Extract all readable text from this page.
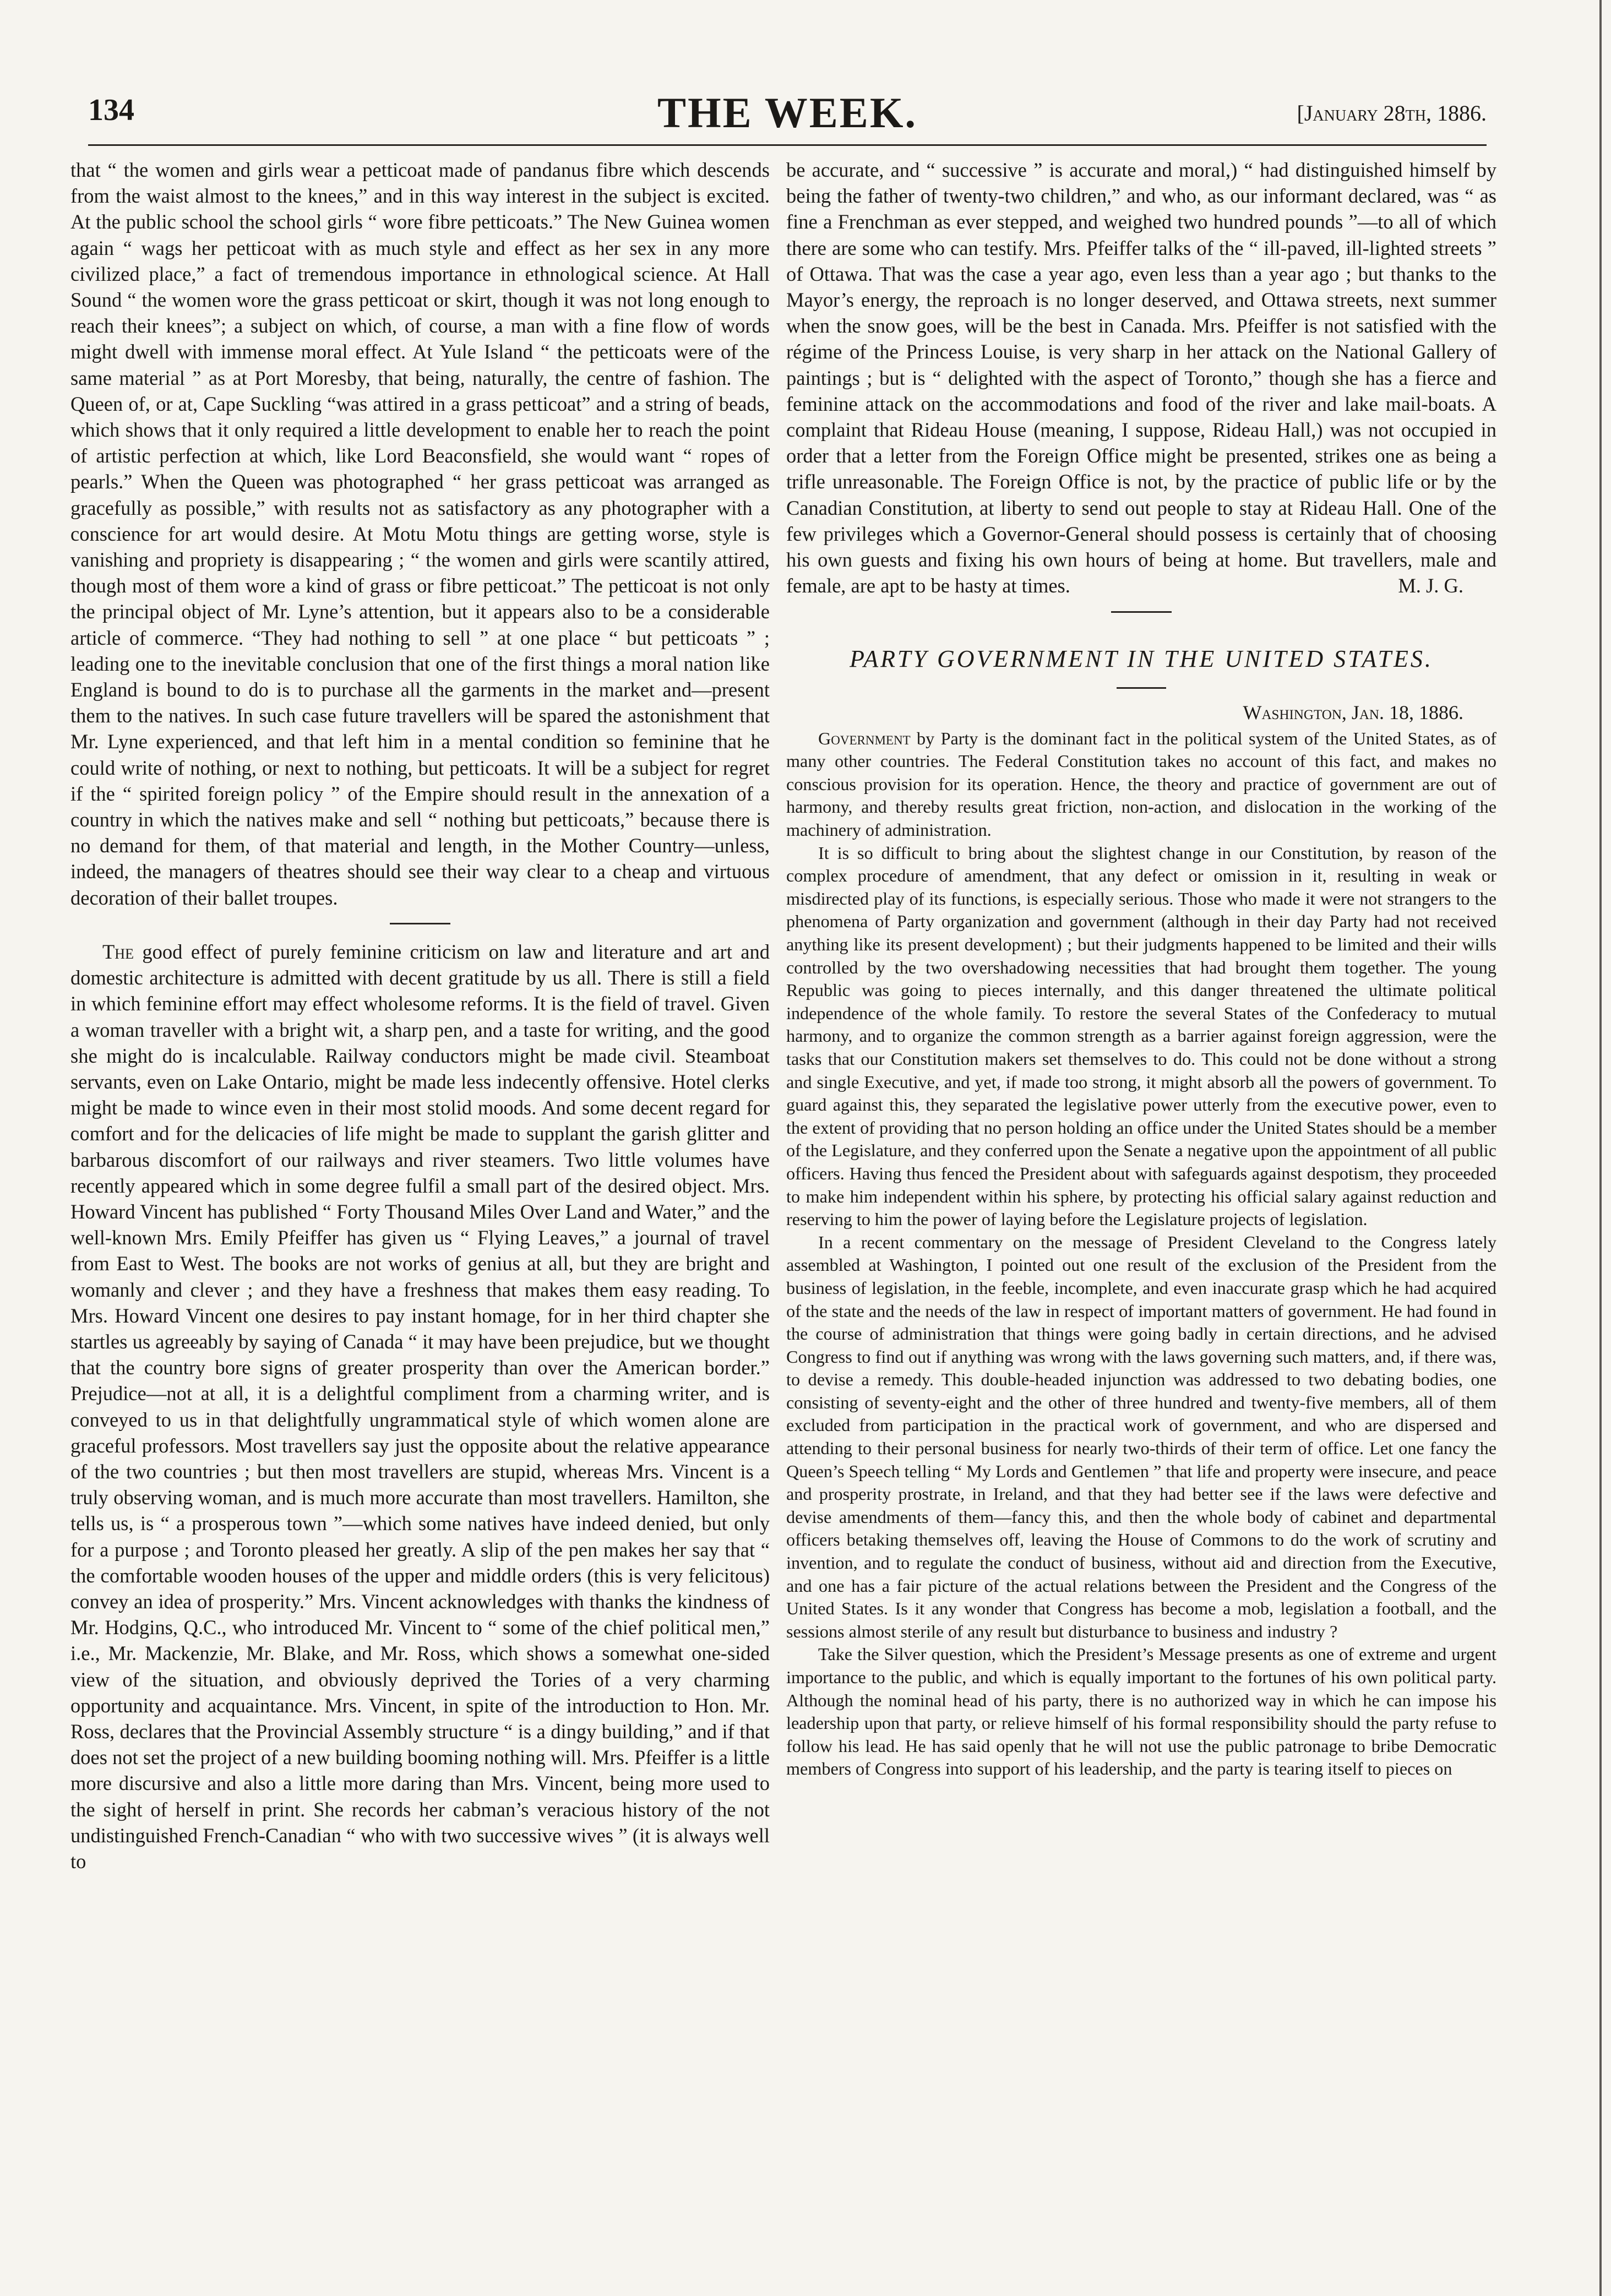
134	THE WEEK.	[January 28th, 1886.

that “ the women and girls wear a petticoat made of pandanus fibre which descends from the waist almost to the knees,” and in this way interest in the subject is excited. At the public school the school girls “ wore fibre petticoats.” The New Guinea women again “ wags her petticoat with as much style and effect as her sex in any more civilized place,” a fact of tremendous importance in ethnological science. At Hall Sound “ the women wore the grass petticoat or skirt, though it was not long enough to reach their knees”; a subject on which, of course, a man with a fine flow of words might dwell with immense moral effect. At Yule Island “ the petticoats were of the same material ” as at Port Moresby, that being, naturally, the centre of fashion. The Queen of, or at, Cape Suckling “was attired in a grass petticoat” and a string of beads, which shows that it only required a little development to enable her to reach the point of artistic perfection at which, like Lord Beaconsfield, she would want “ ropes of pearls.” When the Queen was photographed “ her grass petticoat was arranged as gracefully as possible,” with results not as satisfactory as any photographer with a conscience for art would desire. At Motu Motu things are getting worse, style is vanishing and propriety is disappearing ; “ the women and girls were scantily attired, though most of them wore a kind of grass or fibre petticoat.” The petticoat is not only the principal object of Mr. Lyne’s attention, but it appears also to be a considerable article of commerce. “They had nothing to sell ” at one place “ but petticoats ” ; leading one to the inevitable conclusion that one of the first things a moral nation like England is bound to do is to purchase all the garments in the market and—present them to the natives. In such case future travellers will be spared the astonishment that Mr. Lyne experienced, and that left him in a mental condition so feminine that he could write of nothing, or next to nothing, but petticoats. It will be a subject for regret if the “ spirited foreign policy ” of the Empire should result in the annexation of a country in which the natives make and sell “ nothing but petticoats,” because there is no demand for them, of that material and length, in the Mother Country—unless, indeed, the managers of theatres should see their way clear to a cheap and virtuous decoration of their ballet troupes.

The good effect of purely feminine criticism on law and literature and art and domestic architecture is admitted with decent gratitude by us all. There is still a field in which feminine effort may effect wholesome reforms. It is the field of travel. Given a woman traveller with a bright wit, a sharp pen, and a taste for writing, and the good she might do is incalculable. Railway conductors might be made civil. Steamboat servants, even on Lake Ontario, might be made less indecently offensive. Hotel clerks might be made to wince even in their most stolid moods. And some decent regard for comfort and for the delicacies of life might be made to supplant the garish glitter and barbarous discomfort of our railways and river steamers. Two little volumes have recently appeared which in some degree fulfil a small part of the desired object. Mrs. Howard Vincent has published “ Forty Thousand Miles Over Land and Water,” and the well-known Mrs. Emily Pfeiffer has given us “ Flying Leaves,” a journal of travel from East to West. The books are not works of genius at all, but they are bright and womanly and clever ; and they have a freshness that makes them easy reading. To Mrs. Howard Vincent one desires to pay instant homage, for in her third chapter she startles us agreeably by saying of Canada “ it may have been prejudice, but we thought that the country bore signs of greater prosperity than over the American border.” Prejudice—not at all, it is a delightful compliment from a charming writer, and is conveyed to us in that delightfully ungrammatical style of which women alone are graceful professors. Most travellers say just the opposite about the relative appearance of the two countries ; but then most travellers are stupid, whereas Mrs. Vincent is a truly observing woman, and is much more accurate than most travellers. Hamilton, she tells us, is “ a prosperous town ”—which some natives have indeed denied, but only for a purpose ; and Toronto pleased her greatly. A slip of the pen makes her say that “ the comfortable wooden houses of the upper and middle orders (this is very felicitous) convey an idea of prosperity.” Mrs. Vincent acknowledges with thanks the kindness of Mr. Hodgins, Q.C., who introduced Mr. Vincent to “ some of the chief political men,” i.e., Mr. Mackenzie, Mr. Blake, and Mr. Ross, which shows a somewhat one-sided view of the situation, and obviously deprived the Tories of a very charming opportunity and acquaintance. Mrs. Vincent, in spite of the introduction to Hon. Mr. Ross, declares that the Provincial Assembly structure “ is a dingy building,” and if that does not set the project of a new building booming nothing will. Mrs. Pfeiffer is a little more discursive and also a little more daring than Mrs. Vincent, being more used to the sight of herself in print. She records her cabman’s veracious history of the not undistinguished French-Canadian “ who with two successive wives ” (it is always well to

be accurate, and “ successive ” is accurate and moral,) “ had distinguished himself by being the father of twenty-two children,” and who, as our informant declared, was “ as fine a Frenchman as ever stepped, and weighed two hundred pounds ”—to all of which there are some who can testify. Mrs. Pfeiffer talks of the “ ill-paved, ill-lighted streets ” of Ottawa. That was the case a year ago, even less than a year ago ; but thanks to the Mayor’s energy, the reproach is no longer deserved, and Ottawa streets, next summer when the snow goes, will be the best in Canada. Mrs. Pfeiffer is not satisfied with the régime of the Princess Louise, is very sharp in her attack on the National Gallery of paintings ; but is “ delighted with the aspect of Toronto,” though she has a fierce and feminine attack on the accommodations and food of the river and lake mail-boats. A complaint that Rideau House (meaning, I suppose, Rideau Hall,) was not occupied in order that a letter from the Foreign Office might be presented, strikes one as being a trifle unreasonable. The Foreign Office is not, by the practice of public life or by the Canadian Constitution, at liberty to send out people to stay at Rideau Hall. One of the few privileges which a Governor-General should possess is certainly that of choosing his own guests and fixing his own hours of being at home. But travellers, male and female, are apt to be hasty at times.	M. J. G.
PARTY GOVERNMENT IN THE UNITED STATES.
Washington, Jan. 18, 1886.

Government by Party is the dominant fact in the political system of the United States, as of many other countries. The Federal Constitution takes no account of this fact, and makes no conscious provision for its operation. Hence, the theory and practice of government are out of harmony, and thereby results great friction, non-action, and dislocation in the working of the machinery of administration.

It is so difficult to bring about the slightest change in our Constitution, by reason of the complex procedure of amendment, that any defect or omission in it, resulting in weak or misdirected play of its functions, is especially serious. Those who made it were not strangers to the phenomena of Party organization and government (although in their day Party had not received anything like its present development) ; but their judgments happened to be limited and their wills controlled by the two overshadowing necessities that had brought them together. The young Republic was going to pieces internally, and this danger threatened the ultimate political independence of the whole family. To restore the several States of the Confederacy to mutual harmony, and to organize the common strength as a barrier against foreign aggression, were the tasks that our Constitution makers set themselves to do. This could not be done without a strong and single Executive, and yet, if made too strong, it might absorb all the powers of government. To guard against this, they separated the legislative power utterly from the executive power, even to the extent of providing that no person holding an office under the United States should be a member of the Legislature, and they conferred upon the Senate a negative upon the appointment of all public officers. Having thus fenced the President about with safeguards against despotism, they proceeded to make him independent within his sphere, by protecting his official salary against reduction and reserving to him the power of laying before the Legislature projects of legislation.

In a recent commentary on the message of President Cleveland to the Congress lately assembled at Washington, I pointed out one result of the exclusion of the President from the business of legislation, in the feeble, incomplete, and even inaccurate grasp which he had acquired of the state and the needs of the law in respect of important matters of government. He had found in the course of administration that things were going badly in certain directions, and he advised Congress to find out if anything was wrong with the laws governing such matters, and, if there was, to devise a remedy. This double-headed injunction was addressed to two debating bodies, one consisting of seventy-eight and the other of three hundred and twenty-five members, all of them excluded from participation in the practical work of government, and who are dispersed and attending to their personal business for nearly two-thirds of their term of office. Let one fancy the Queen’s Speech telling “ My Lords and Gentlemen ” that life and property were insecure, and peace and prosperity prostrate, in Ireland, and that they had better see if the laws were defective and devise amendments of them—fancy this, and then the whole body of cabinet and departmental officers betaking themselves off, leaving the House of Commons to do the work of scrutiny and invention, and to regulate the conduct of business, without aid and direction from the Executive, and one has a fair picture of the actual relations between the President and the Congress of the United States. Is it any wonder that Congress has become a mob, legislation a football, and the sessions almost sterile of any result but disturbance to business and industry ?

Take the Silver question, which the President’s Message presents as one of extreme and urgent importance to the public, and which is equally important to the fortunes of his own political party. Although the nominal head of his party, there is no authorized way in which he can impose his leadership upon that party, or relieve himself of his formal responsibility should the party refuse to follow his lead. He has said openly that he will not use the public patronage to bribe Democratic members of Congress into support of his leadership, and the party is tearing itself to pieces on
